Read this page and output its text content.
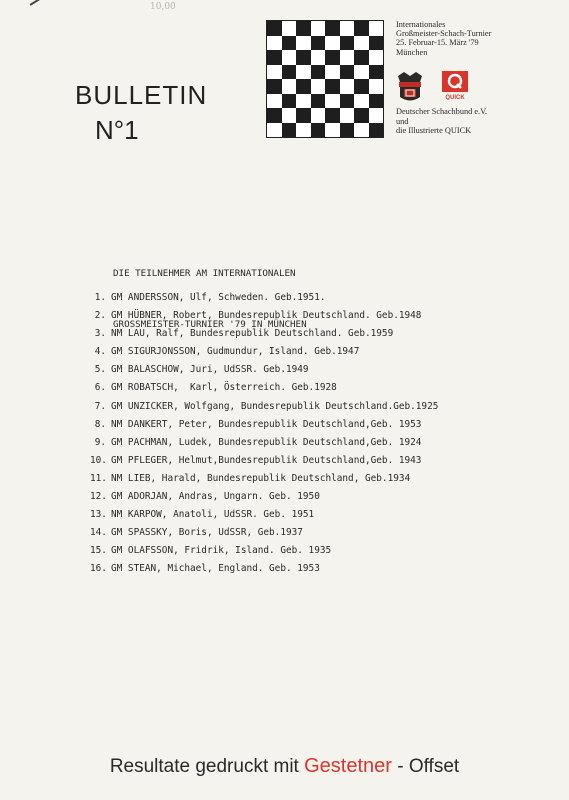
10,00
BULLETIN
N°1
Internationales
Großmeister-Schach-Turnier
25. Februar-15. März '79
München
QUICK
Deutscher Schachbund e.V.
und
die Illustrierte QUICK

DIE TEILNEHMER AM INTERNATIONALEN

GROSSMEISTER-TURNIER '79 IN MÜNCHEN

1. GM ANDERSSON, Ulf, Schweden. Geb.1951.
2. GM HÜBNER, Robert, Bundesrepublik Deutschland. Geb.1948
3. NM LAU, Ralf, Bundesrepublik Deutschland. Geb.1959
4. GM SIGURJONSSON, Gudmundur, Island. Geb.1947
5. GM BALASCHOW, Juri, UdSSR. Geb.1949
6. GM ROBATSCH,  Karl, Österreich. Geb.1928
7. GM UNZICKER, Wolfgang, Bundesrepublik Deutschland.Geb.1925
8. NM DANKERT, Peter, Bundesrepublik Deutschland,Geb. 1953
9. GM PACHMAN, Ludek, Bundesrepublik Deutschland,Geb. 1924
10. GM PFLEGER, Helmut,Bundesrepublik Deutschland,Geb. 1943
11. NM LIEB, Harald, Bundesrepublik Deutschland, Geb.1934
12. GM ADORJAN, Andras, Ungarn. Geb. 1950
13. NM KARPOW, Anatoli, UdSSR. Geb. 1951
14. GM SPASSKY, Boris, UdSSR, Geb.1937
15. GM OLAFSSON, Fridrik, Island. Geb. 1935
16. GM STEAN, Michael, England. Geb. 1953
Resultate gedruckt mit Gestetner - Offset
